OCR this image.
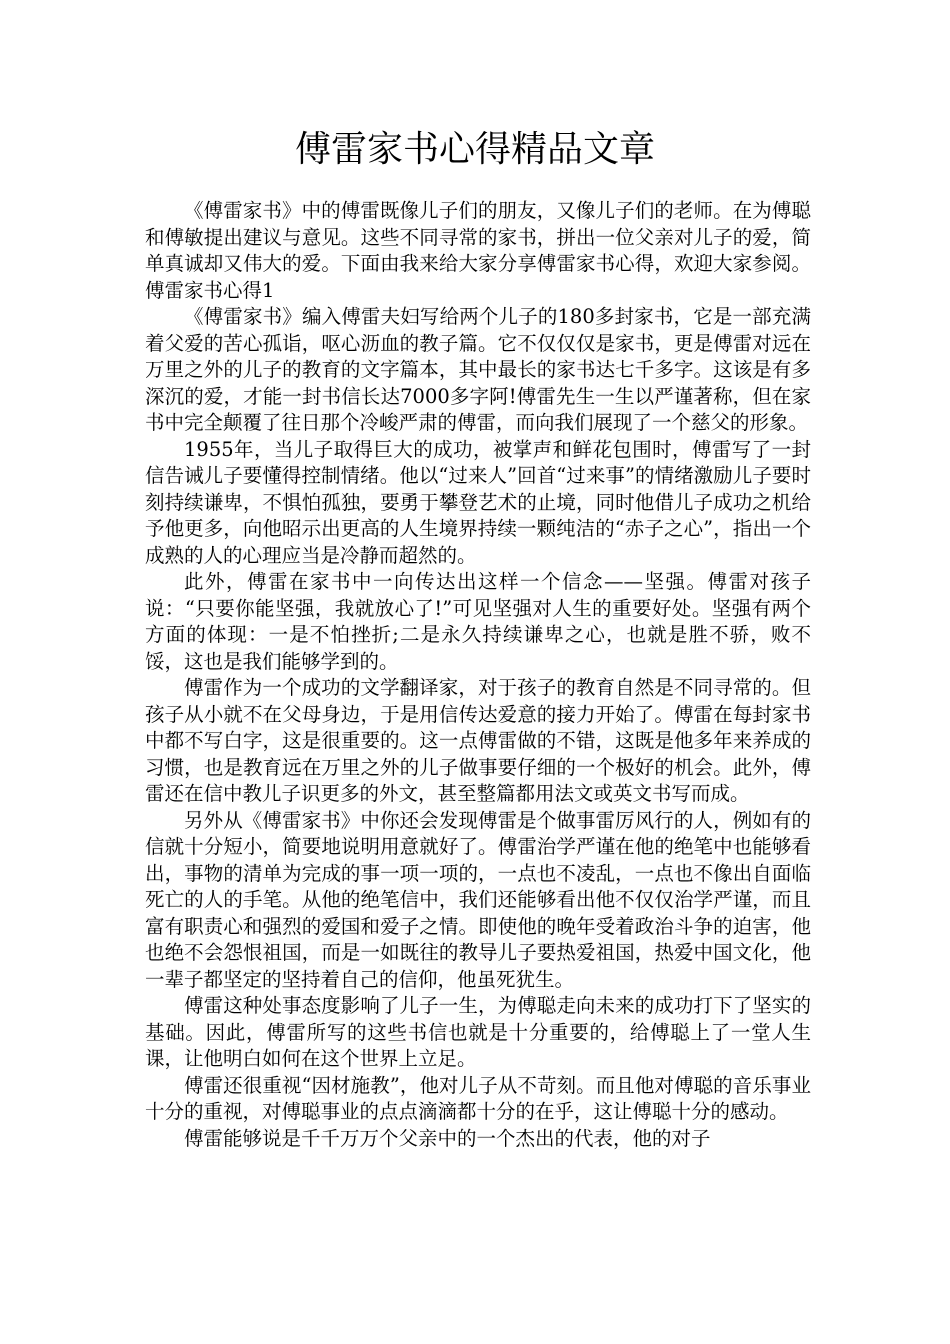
傅雷家书心得精品文章

《傅雷家书》中的傅雷既像儿子们的朋友，又像儿子们的老师。在为傅聪和傅敏提出建议与意见。这些不同寻常的家书，拼出一位父亲对儿子的爱，简单真诚却又伟大的爱。下面由我来给大家分享傅雷家书心得，欢迎大家参阅。傅雷家书心得1

《傅雷家书》编入傅雷夫妇写给两个儿子的180多封家书，它是一部充满着父爱的苦心孤诣，呕心沥血的教子篇。它不仅仅仅是家书，更是傅雷对远在万里之外的儿子的教育的文字篇本，其中最长的家书达七千多字。这该是有多深沉的爱，才能一封书信长达7000多字阿!傅雷先生一生以严谨著称，但在家书中完全颠覆了往日那个冷峻严肃的傅雷，而向我们展现了一个慈父的形象。

1955年，当儿子取得巨大的成功，被掌声和鲜花包围时，傅雷写了一封信告诫儿子要懂得控制情绪。他以“过来人”回首“过来事”的情绪激励儿子要时刻持续谦卑，不惧怕孤独，要勇于攀登艺术的止境，同时他借儿子成功之机给予他更多，向他昭示出更高的人生境界持续一颗纯洁的“赤子之心”，指出一个成熟的人的心理应当是冷静而超然的。

此外，傅雷在家书中一向传达出这样一个信念——坚强。傅雷对孩子说：“只要你能坚强，我就放心了!”可见坚强对人生的重要好处。坚强有两个方面的体现：一是不怕挫折;二是永久持续谦卑之心，也就是胜不骄，败不馁，这也是我们能够学到的。

傅雷作为一个成功的文学翻译家，对于孩子的教育自然是不同寻常的。但孩子从小就不在父母身边，于是用信传达爱意的接力开始了。傅雷在每封家书中都不写白字，这是很重要的。这一点傅雷做的不错，这既是他多年来养成的习惯，也是教育远在万里之外的儿子做事要仔细的一个极好的机会。此外，傅雷还在信中教儿子识更多的外文，甚至整篇都用法文或英文书写而成。

另外从《傅雷家书》中你还会发现傅雷是个做事雷厉风行的人，例如有的信就十分短小，简要地说明用意就好了。傅雷治学严谨在他的绝笔中也能够看出，事物的清单为完成的事一项一项的，一点也不凌乱，一点也不像出自面临死亡的人的手笔。从他的绝笔信中，我们还能够看出他不仅仅治学严谨，而且富有职责心和强烈的爱国和爱子之情。即使他的晚年受着政治斗争的迫害，他也绝不会怨恨祖国，而是一如既往的教导儿子要热爱祖国，热爱中国文化，他一辈子都坚定的坚持着自己的信仰，他虽死犹生。

傅雷这种处事态度影响了儿子一生，为傅聪走向未来的成功打下了坚实的基础。因此，傅雷所写的这些书信也就是十分重要的，给傅聪上了一堂人生课，让他明白如何在这个世界上立足。

傅雷还很重视“因材施教”，他对儿子从不苛刻。而且他对傅聪的音乐事业十分的重视，对傅聪事业的点点滴滴都十分的在乎，这让傅聪十分的感动。

傅雷能够说是千千万万个父亲中的一个杰出的代表，他的对子
